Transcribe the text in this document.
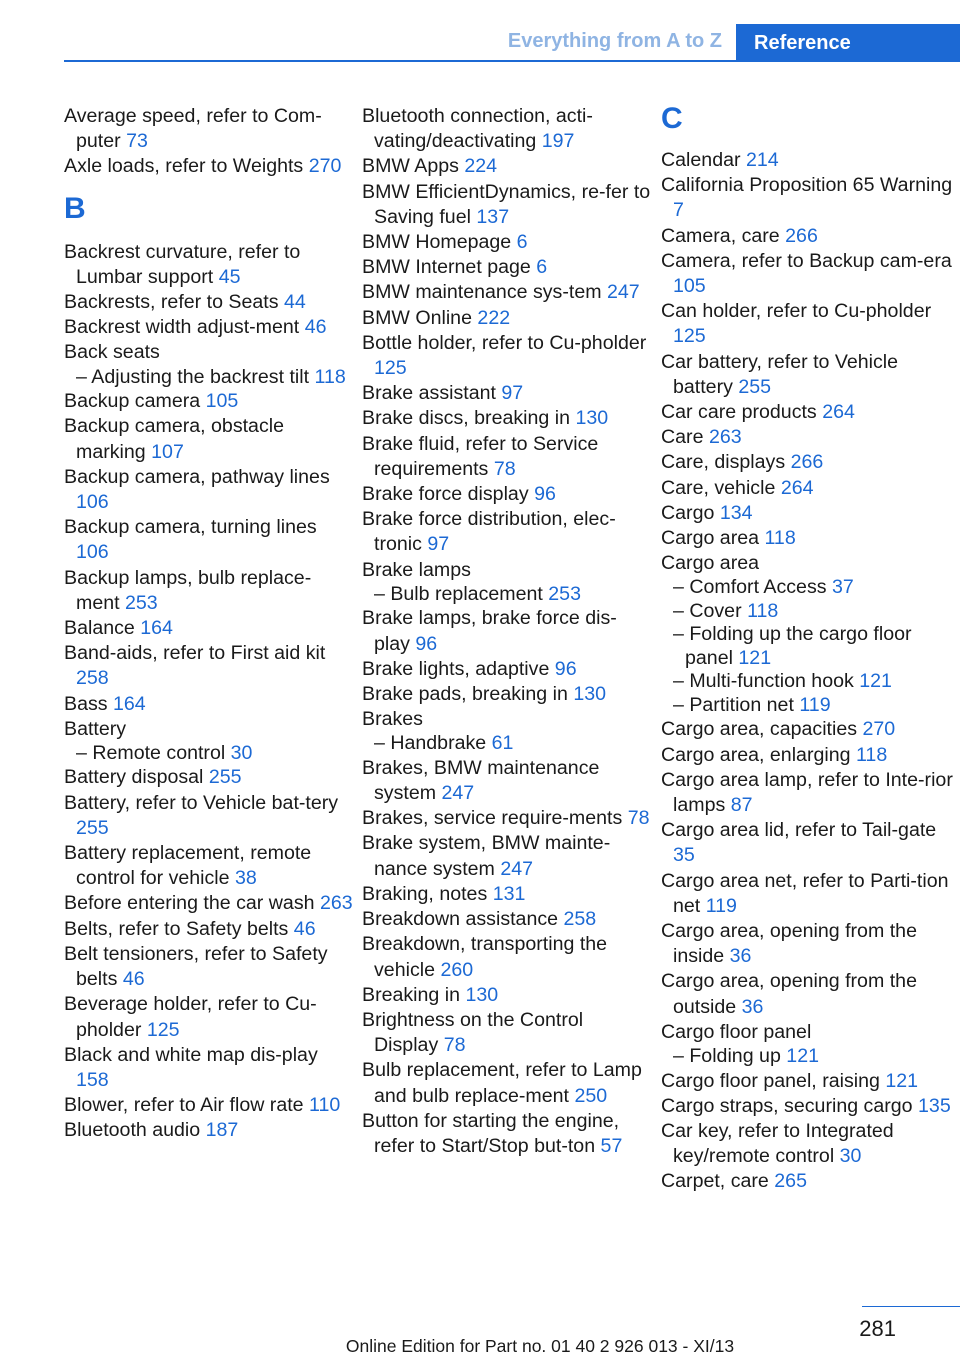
Everything from A to Z	Reference
Average speed, refer to Com-puter 73
Axle loads, refer to Weights 270
B
Backrest curvature, refer to Lumbar support 45
Backrests, refer to Seats 44
Backrest width adjust-ment 46
Back seats
– Adjusting the backrest tilt 118
Backup camera 105
Backup camera, obstacle marking 107
Backup camera, pathway lines 106
Backup camera, turning lines 106
Backup lamps, bulb replace-ment 253
Balance 164
Band-aids, refer to First aid kit 258
Bass 164
Battery
– Remote control 30
Battery disposal 255
Battery, refer to Vehicle bat-tery 255
Battery replacement, remote control for vehicle 38
Before entering the car wash 263
Belts, refer to Safety belts 46
Belt tensioners, refer to Safety belts 46
Beverage holder, refer to Cu-pholder 125
Black and white map dis-play 158
Blower, refer to Air flow rate 110
Bluetooth audio 187
Bluetooth connection, acti-vating/deactivating 197
BMW Apps 224
BMW EfficientDynamics, re-fer to Saving fuel 137
BMW Homepage 6
BMW Internet page 6
BMW maintenance sys-tem 247
BMW Online 222
Bottle holder, refer to Cu-pholder 125
Brake assistant 97
Brake discs, breaking in 130
Brake fluid, refer to Service requirements 78
Brake force display 96
Brake force distribution, elec-tronic 97
Brake lamps
– Bulb replacement 253
Brake lamps, brake force dis-play 96
Brake lights, adaptive 96
Brake pads, breaking in 130
Brakes
– Handbrake 61
Brakes, BMW maintenance system 247
Brakes, service require-ments 78
Brake system, BMW mainte-nance system 247
Braking, notes 131
Breakdown assistance 258
Breakdown, transporting the vehicle 260
Breaking in 130
Brightness on the Control Display 78
Bulb replacement, refer to Lamp and bulb replace-ment 250
Button for starting the engine, refer to Start/Stop but-ton 57
C
Calendar 214
California Proposition 65 Warning 7
Camera, care 266
Camera, refer to Backup cam-era 105
Can holder, refer to Cu-pholder 125
Car battery, refer to Vehicle battery 255
Car care products 264
Care 263
Care, displays 266
Care, vehicle 264
Cargo 134
Cargo area 118
Cargo area
– Comfort Access 37
– Cover 118
– Folding up the cargo floor panel 121
– Multi-function hook 121
– Partition net 119
Cargo area, capacities 270
Cargo area, enlarging 118
Cargo area lamp, refer to Inte-rior lamps 87
Cargo area lid, refer to Tail-gate 35
Cargo area net, refer to Parti-tion net 119
Cargo area, opening from the inside 36
Cargo area, opening from the outside 36
Cargo floor panel
– Folding up 121
Cargo floor panel, raising 121
Cargo straps, securing cargo 135
Car key, refer to Integrated key/remote control 30
Carpet, care 265
281
Online Edition for Part no. 01 40 2 926 013 - XI/13
